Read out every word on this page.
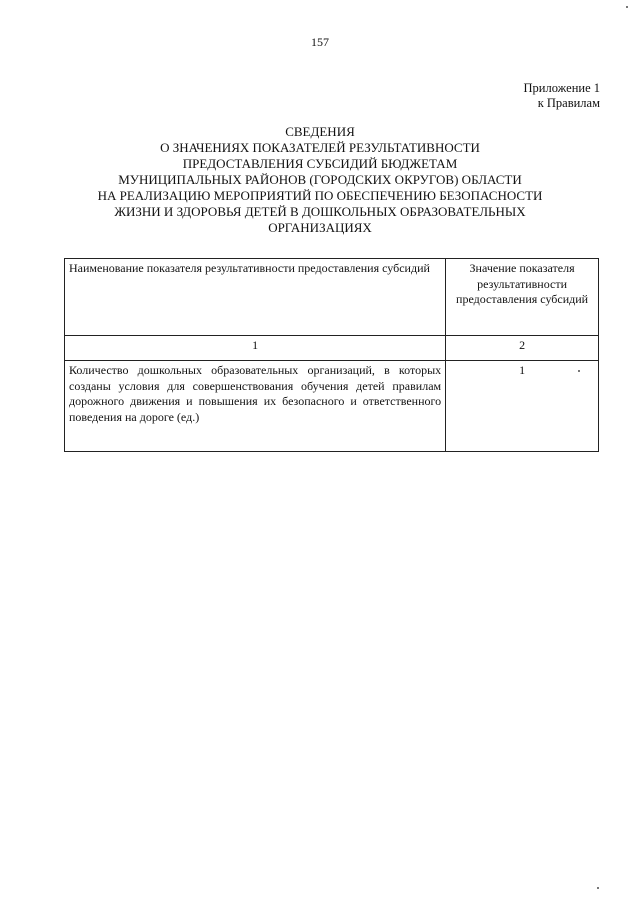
157
Приложение 1
к Правилам
СВЕДЕНИЯ
О ЗНАЧЕНИЯХ ПОКАЗАТЕЛЕЙ РЕЗУЛЬТАТИВНОСТИ
ПРЕДОСТАВЛЕНИЯ СУБСИДИЙ БЮДЖЕТАМ
МУНИЦИПАЛЬНЫХ РАЙОНОВ (ГОРОДСКИХ ОКРУГОВ) ОБЛАСТИ
НА РЕАЛИЗАЦИЮ МЕРОПРИЯТИЙ ПО ОБЕСПЕЧЕНИЮ БЕЗОПАСНОСТИ
ЖИЗНИ И ЗДОРОВЬЯ ДЕТЕЙ В ДОШКОЛЬНЫХ ОБРАЗОВАТЕЛЬНЫХ
ОРГАНИЗАЦИЯХ
Наименование показателя результативности предоставления субсидий	Значение показателя результативности предоставления субсидий
1	2
Количество дошкольных образовательных организаций, в которых созданы условия для совершенствования обучения детей правилам дорожного движения и повышения их безопасного и ответственного поведения на дороге (ед.)	1
